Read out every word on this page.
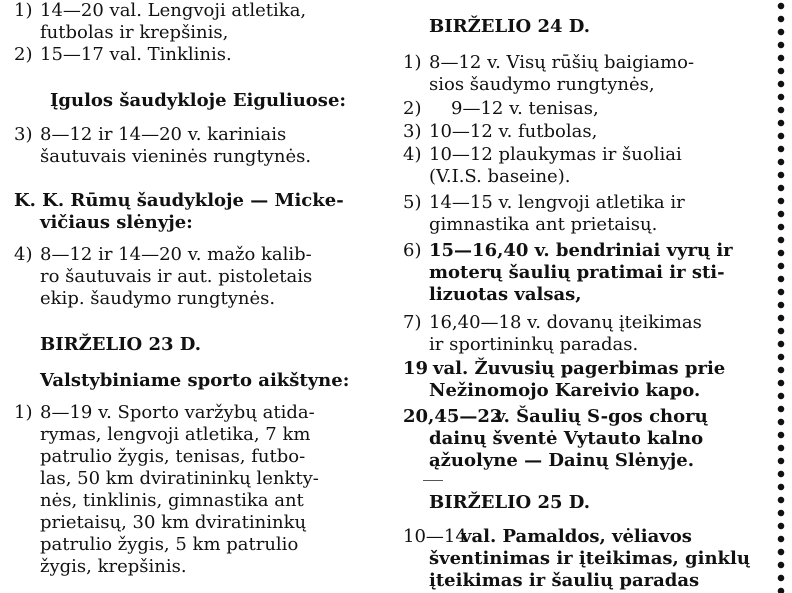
1) 14—20 val. Lengvoji atletika,
futbolas ir krepšinis,
2) 15—17 val. Tinklinis.
Įgulos šaudykloje Eiguliuose:
3) 8—12 ir 14—20 v. kariniais
šautuvais vieninės rungtynės.
K. K. Rūmų šaudykloje — Micke-
vičiaus slėnyje:
4) 8—12 ir 14—20 v. mažo kalib-
ro šautuvais ir aut. pistoletais
ekip. šaudymo rungtynės.
BIRŽELIO 23 D.
Valstybiniame sporto aikštyne:
1) 8—19 v. Sporto varžybų atida-
rymas, lengvoji atletika, 7 km
patrulio žygis, tenisas, futbo-
las, 50 km dviratininkų lenkty-
nės, tinklinis, gimnastika ant
prietaisų, 30 km dviratininkų
patrulio žygis, 5 km patrulio
žygis, krepšinis.
BIRŽELIO 24 D.
1) 8—12 v. Visų rūšių baigiamo-
sios šaudymo rungtynės,
2) 9—12 v. tenisas,
3) 10—12 v. futbolas,
4) 10—12 plaukymas ir šuoliai
(V.I.S. baseine).
5) 14—15 v. lengvoji atletika ir
gimnastika ant prietaisų.
6) 15—16,40 v. bendriniai vyrų ir
moterų šaulių pratimai ir sti-
lizuotas valsas,
7) 16,40—18 v. dovanų įteikimas
ir sportininkų paradas.
19 val. Žuvusių pagerbimas prie
Nežinomojo Kareivio kapo.
20,45—22
v. Šaulių S-gos chorų
dainų šventė Vytauto kalno
ąžuolyne — Dainų Slėnyje.
BIRŽELIO 25 D.
10—14
val. Pamaldos, vėliavos
šventinimas ir įteikimas, ginklų
įteikimas ir šaulių paradas
